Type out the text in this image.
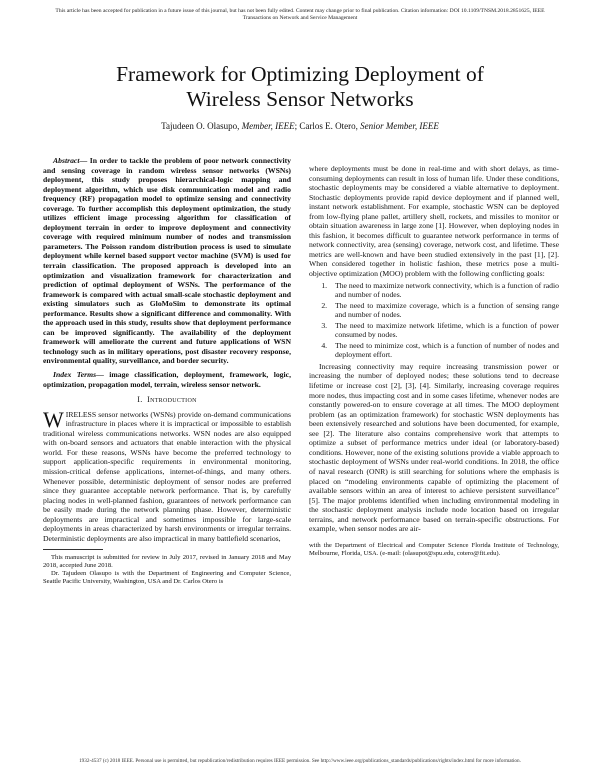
This article has been accepted for publication in a future issue of this journal, but has not been fully edited. Content may change prior to final publication. Citation information: DOI 10.1109/TNSM.2018.2851625, IEEE
Transactions on Network and Service Management
Framework for Optimizing Deployment of
Wireless Sensor Networks
Tajudeen O. Olasupo, Member, IEEE; Carlos E. Otero, Senior Member, IEEE

Abstract— In order to tackle the problem of poor network connectivity and sensing coverage in random wireless sensor networks (WSNs) deployment, this study proposes hierarchical-logic mapping and deployment algorithm, which use disk communication model and radio frequency (RF) propagation model to optimize sensing and connectivity coverage. To further accomplish this deployment optimization, the study utilizes efficient image processing algorithm for classification of deployment terrain in order to improve deployment and connectivity coverage with required minimum number of nodes and transmission parameters. The Poisson random distribution process is used to simulate deployment while kernel based support vector machine (SVM) is used for terrain classification. The proposed approach is developed into an optimization and visualization framework for characterization and prediction of optimal deployment of WSNs. The performance of the framework is compared with actual small-scale stochastic deployment and existing simulators such as GloMoSim to demonstrate its optimal performance. Results show a significant difference and commonality. With the approach used in this study, results show that deployment performance can be improved significantly. The availability of the deployment framework will ameliorate the current and future applications of WSN technology such as in military operations, post disaster recovery response, environmental quality, surveillance, and border security.

Index Terms— image classification, deployment, framework, logic, optimization, propagation model, terrain, wireless sensor network.

I. Introduction

WIRELESS sensor networks (WSNs) provide on-demand communications infrastructure in places where it is impractical or impossible to establish traditional wireless communications networks. WSN nodes are also equipped with on-board sensors and actuators that enable interaction with the physical world. For these reasons, WSNs have become the preferred technology to support application-specific requirements in environmental monitoring, mission-critical defense applications, internet-of-things, and many others. Whenever possible, deterministic deployment of sensor nodes are preferred since they guarantee acceptable network performance. That is, by carefully placing nodes in well-planned fashion, guarantees of network performance can be easily made during the network planning phase. However, deterministic deployments are impractical and sometimes impossible for large-scale deployments in areas characterized by harsh environments or irregular terrains. Deterministic deployments are also impractical in many battlefield scenarios,

This manuscript is submitted for review in July 2017, revised in January 2018 and May 2018, accepted June 2018.

Dr. Tajudeen Olasupo is with the Department of Engineering and Computer Science, Seattle Pacific University, Washington, USA and Dr. Carlos Otero is

where deployments must be done in real-time and with short delays, as time-consuming deployments can result in loss of human life. Under these conditions, stochastic deployments may be considered a viable alternative to deployment. Stochastic deployments provide rapid device deployment and if planned well, instant network establishment. For example, stochastic WSN can be deployed from low-flying plane pallet, artillery shell, rockets, and missiles to monitor or obtain situation awareness in large zone [1]. However, when deploying nodes in this fashion, it becomes difficult to guarantee network performance in terms of network connectivity, area (sensing) coverage, network cost, and lifetime. These metrics are well-known and have been studied extensively in the past [1], [2]. When considered together in holistic fashion, these metrics pose a multi-objective optimization (MOO) problem with the following conflicting goals:

1. The need to maximize network connectivity, which is a function of radio and number of nodes.
2. The need to maximize coverage, which is a function of sensing range and number of nodes.
3. The need to maximize network lifetime, which is a function of power consumed by nodes.
4. The need to minimize cost, which is a function of number of nodes and deployment effort.

Increasing connectivity may require increasing transmission power or increasing the number of deployed nodes; these solutions tend to decrease lifetime or increase cost [2], [3], [4]. Similarly, increasing coverage requires more nodes, thus impacting cost and in some cases lifetime, whenever nodes are constantly powered-on to ensure coverage at all times. The MOO deployment problem (as an optimization framework) for stochastic WSN deployments has been extensively researched and solutions have been documented, for example, see [2]. The literature also contains comprehensive work that attempts to optimize a subset of performance metrics under ideal (or laboratory-based) conditions. However, none of the existing solutions provide a viable approach to stochastic deployment of WSNs under real-world conditions. In 2018, the office of naval research (ONR) is still searching for solutions where the emphasis is placed on “modeling environments capable of optimizing the placement of available sensors within an area of interest to achieve persistent surveillance” [5]. The major problems identified when including environmental modeling in the stochastic deployment analysis include node location based on irregular terrains, and network performance based on terrain-specific obstructions. For example, when sensor nodes are air-

with the Department of Electrical and Computer Science Florida Institute of Technology, Melbourne, Florida, USA. (e-mail: (olasupot@spu.edu, cotero@fit.edu).

1932-4537 (c) 2018 IEEE. Personal use is permitted, but republication/redistribution requires IEEE permission. See http://www.ieee.org/publications_standards/publications/rights/index.html for more information.
